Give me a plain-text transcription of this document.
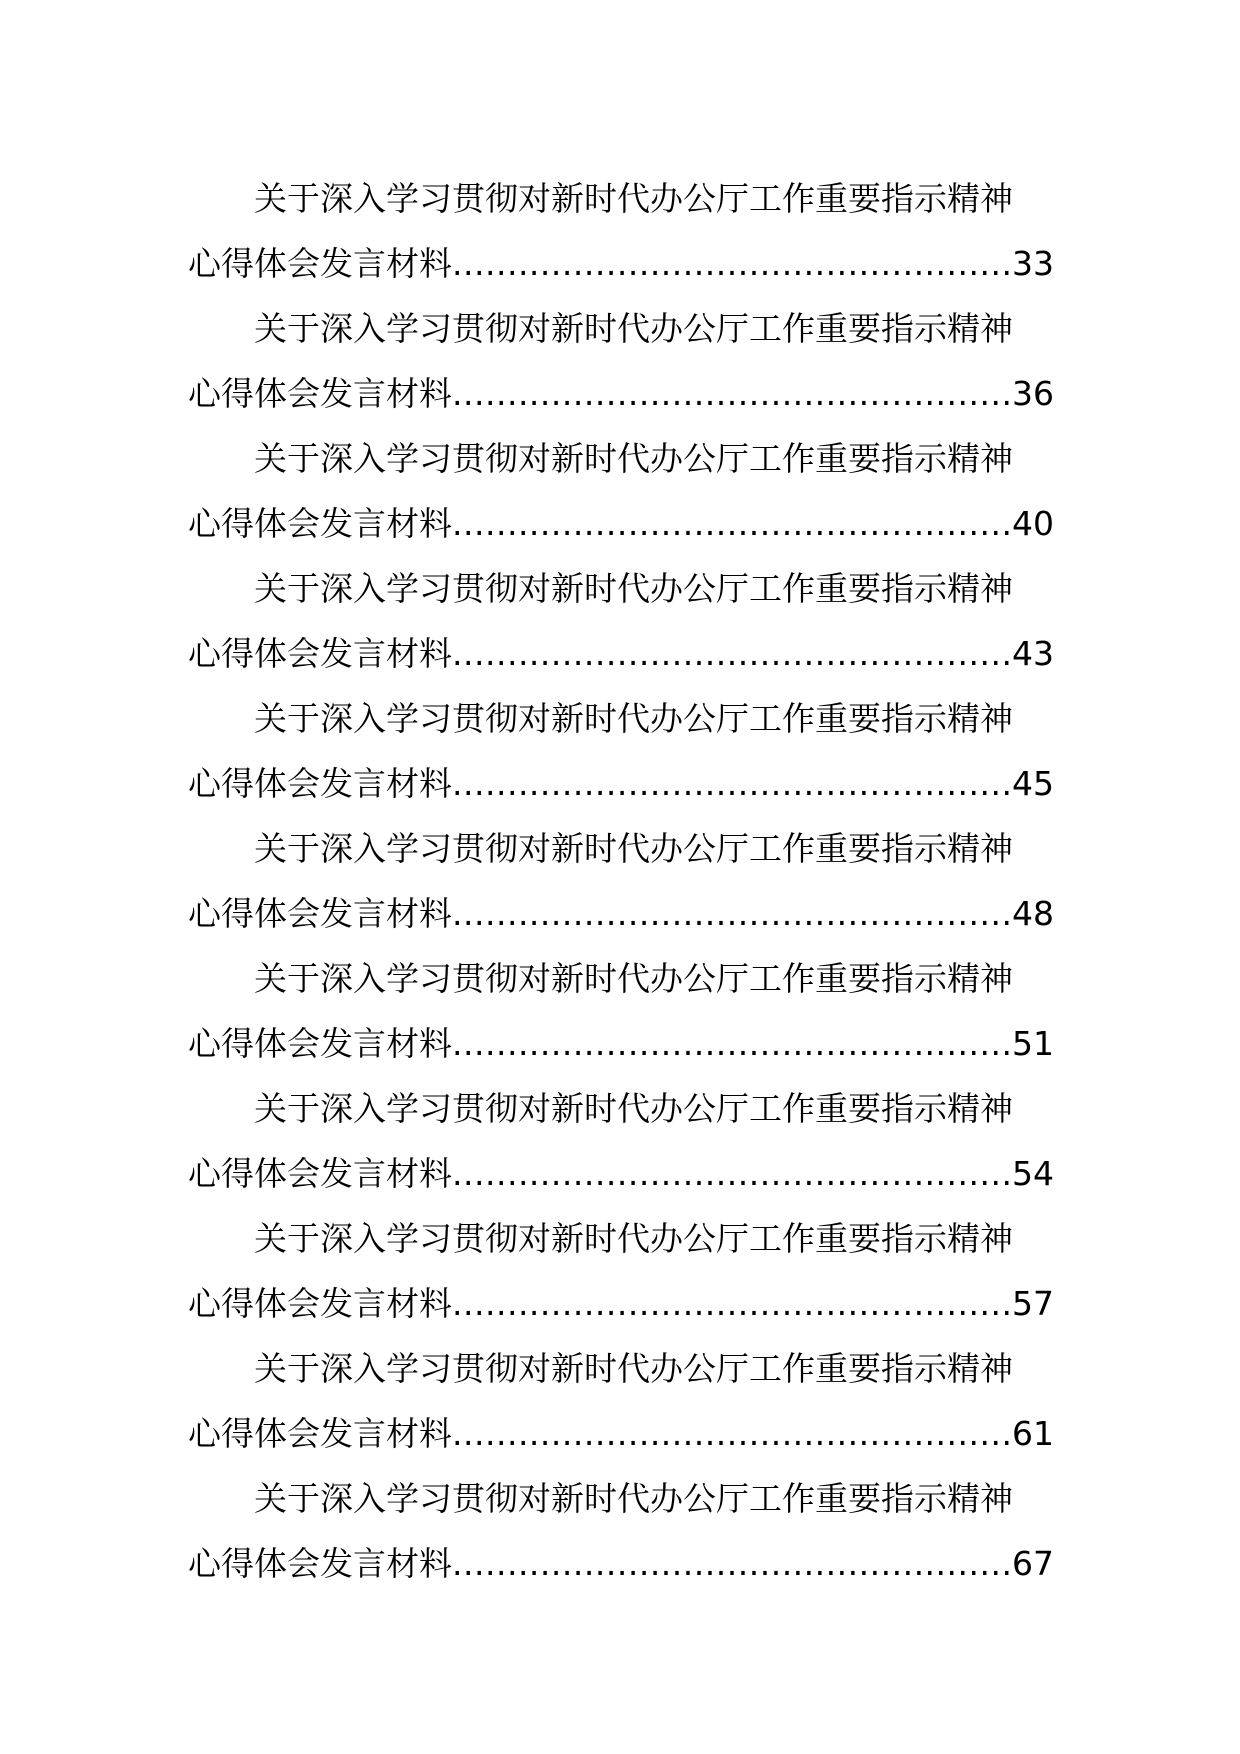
关于深入学习贯彻对新时代办公厅工作重要指示精神
心得体会发言材料 .....	33
关于深入学习贯彻对新时代办公厅工作重要指示精神
心得体会发言材料 .....	36
关于深入学习贯彻对新时代办公厅工作重要指示精神
心得体会发言材料 .....	40
关于深入学习贯彻对新时代办公厅工作重要指示精神
心得体会发言材料 .....	43
关于深入学习贯彻对新时代办公厅工作重要指示精神
心得体会发言材料 .....	45
关于深入学习贯彻对新时代办公厅工作重要指示精神
心得体会发言材料 .....	48
关于深入学习贯彻对新时代办公厅工作重要指示精神
心得体会发言材料 .....	51
关于深入学习贯彻对新时代办公厅工作重要指示精神
心得体会发言材料 .....	54
关于深入学习贯彻对新时代办公厅工作重要指示精神
心得体会发言材料 .....	57
关于深入学习贯彻对新时代办公厅工作重要指示精神
心得体会发言材料 .....	61
关于深入学习贯彻对新时代办公厅工作重要指示精神
心得体会发言材料 .....	67
